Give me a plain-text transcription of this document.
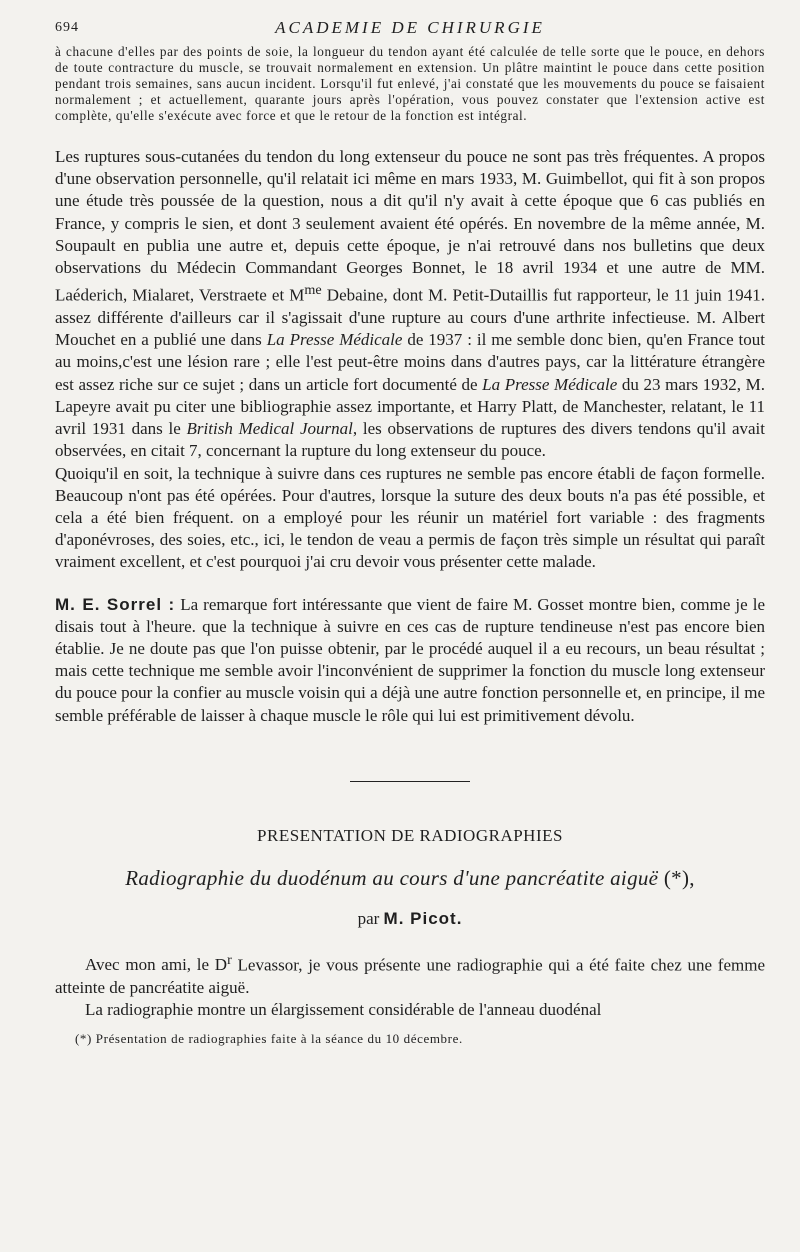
694	ACADEMIE DE CHIRURGIE

à chacune d'elles par des points de soie, la longueur du tendon ayant été calculée de telle sorte que le pouce, en dehors de toute contracture du muscle, se trouvait normalement en extension. Un plâtre maintint le pouce dans cette position pendant trois semaines, sans aucun incident. Lorsqu'il fut enlevé, j'ai constaté que les mouvements du pouce se faisaient normalement ; et actuellement, quarante jours après l'opération, vous pouvez constater que l'extension active est complète, qu'elle s'exécute avec force et que le retour de la fonction est intégral.

Les ruptures sous-cutanées du tendon du long extenseur du pouce ne sont pas très fréquentes. A propos d'une observation personnelle, qu'il relatait ici même en mars 1933, M. Guimbellot, qui fit à son propos une étude très poussée de la question, nous a dit qu'il n'y avait à cette époque que 6 cas publiés en France, y compris le sien, et dont 3 seulement avaient été opérés. En novembre de la même année, M. Soupault en publia une autre et, depuis cette époque, je n'ai retrouvé dans nos bulletins que deux observations du Médecin Commandant Georges Bonnet, le 18 avril 1934 et une autre de MM. Laéderich, Mialaret, Verstraete et $M^{me}$ Debaine, dont M. Petit-Dutaillis fut rapporteur, le 11 juin 1941. assez différente d'ailleurs car il s'agissait d'une rupture au cours d'une arthrite infectieuse. M. Albert Mouchet en a publié une dans La Presse Médicale de 1937 : il me semble donc bien, qu'en France tout au moins,c'est une lésion rare ; elle l'est peut-être moins dans d'autres pays, car la littérature étrangère est assez riche sur ce sujet ; dans un article fort documenté de La Presse Médicale du 23 mars 1932, M. Lapeyre avait pu citer une bibliographie assez importante, et Harry Platt, de Manchester, relatant, le 11 avril 1931 dans le British Medical Journal, les observations de ruptures des divers tendons qu'il avait observées, en citait 7, concernant la rupture du long extenseur du pouce.

Quoiqu'il en soit, la technique à suivre dans ces ruptures ne semble pas encore établi de façon formelle. Beaucoup n'ont pas été opérées. Pour d'autres, lorsque la suture des deux bouts n'a pas été possible, et cela a été bien fréquent. on a employé pour les réunir un matériel fort variable : des fragments d'aponévroses, des soies, etc., ici, le tendon de veau a permis de façon très simple un résultat qui paraît vraiment excellent, et c'est pourquoi j'ai cru devoir vous présenter cette malade.

M. E. Sorrel : La remarque fort intéressante que vient de faire M. Gosset montre bien, comme je le disais tout à l'heure. que la technique à suivre en ces cas de rupture tendineuse n'est pas encore bien établie. Je ne doute pas que l'on puisse obtenir, par le procédé auquel il a eu recours, un beau résultat ; mais cette technique me semble avoir l'inconvénient de supprimer la fonction du muscle long extenseur du pouce pour la confier au muscle voisin qui a déjà une autre fonction personnelle et, en principe, il me semble préférable de laisser à chaque muscle le rôle qui lui est primitivement dévolu.

PRESENTATION DE RADIOGRAPHIES
Radiographie du duodénum au cours d'une pancréatite aiguë (*),
par M. Picot.

Avec mon ami, le $D^r$ Levassor, je vous présente une radiographie qui a été faite chez une femme atteinte de pancréatite aiguë.

La radiographie montre un élargissement considérable de l'anneau duodénal

(*) Présentation de radiographies faite à la séance du 10 décembre.
